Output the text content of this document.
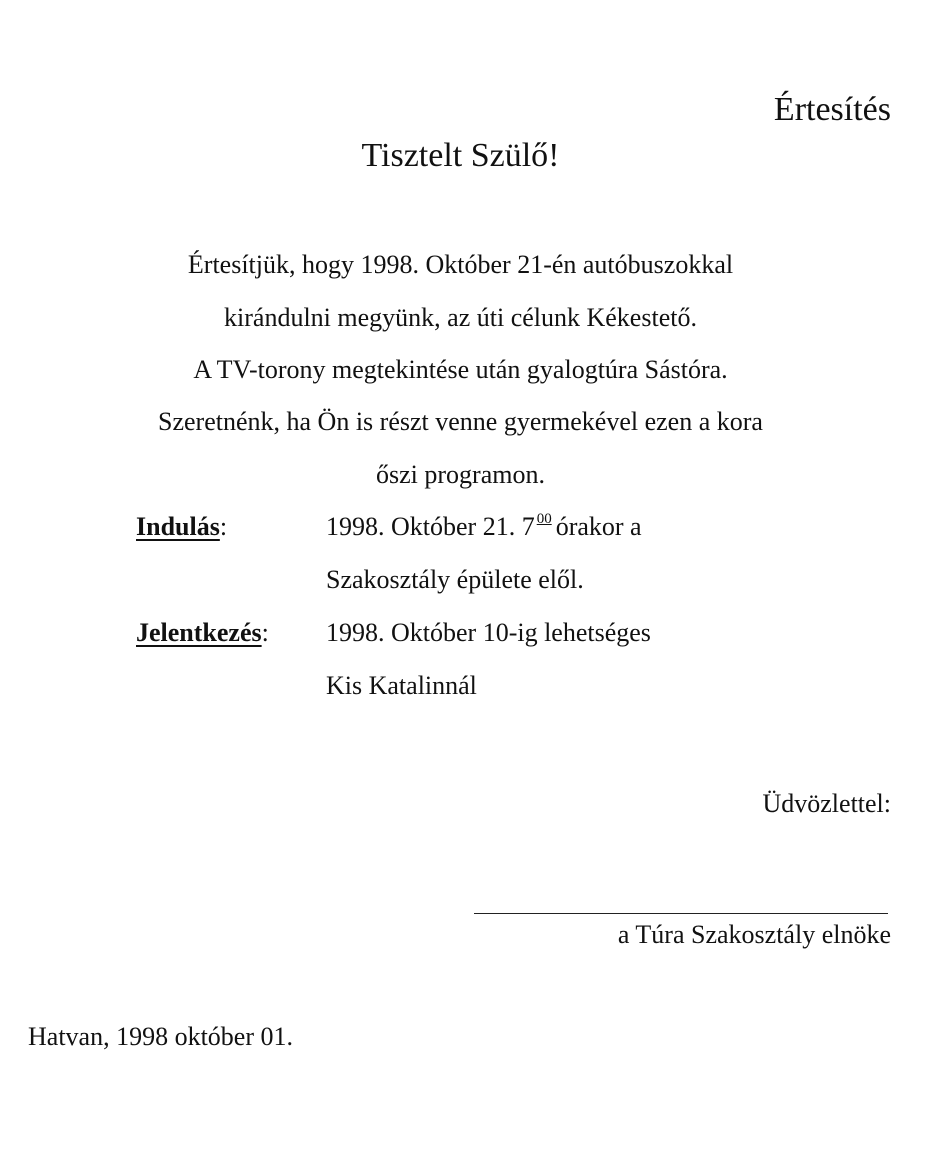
Értesítés
Tisztelt Szülő!
Értesítjük, hogy 1998. Október 21-én autóbuszokkal
kirándulni megyünk, az úti célunk Kékestető.
A TV-torony megtekintése után gyalogtúra Sástóra.
Szeretnénk, ha Ön is részt venne gyermekével ezen a kora
őszi programon.
Indulás:	1998. Október 21. 7 $^{00}$ órakor a
Szakosztály épülete elől.
Jelentkezés: 1998. Október 10-ig lehetséges
Kis Katalinnál
Üdvözlettel:
a Túra Szakosztály elnöke
Hatvan, 1998 október 01.
